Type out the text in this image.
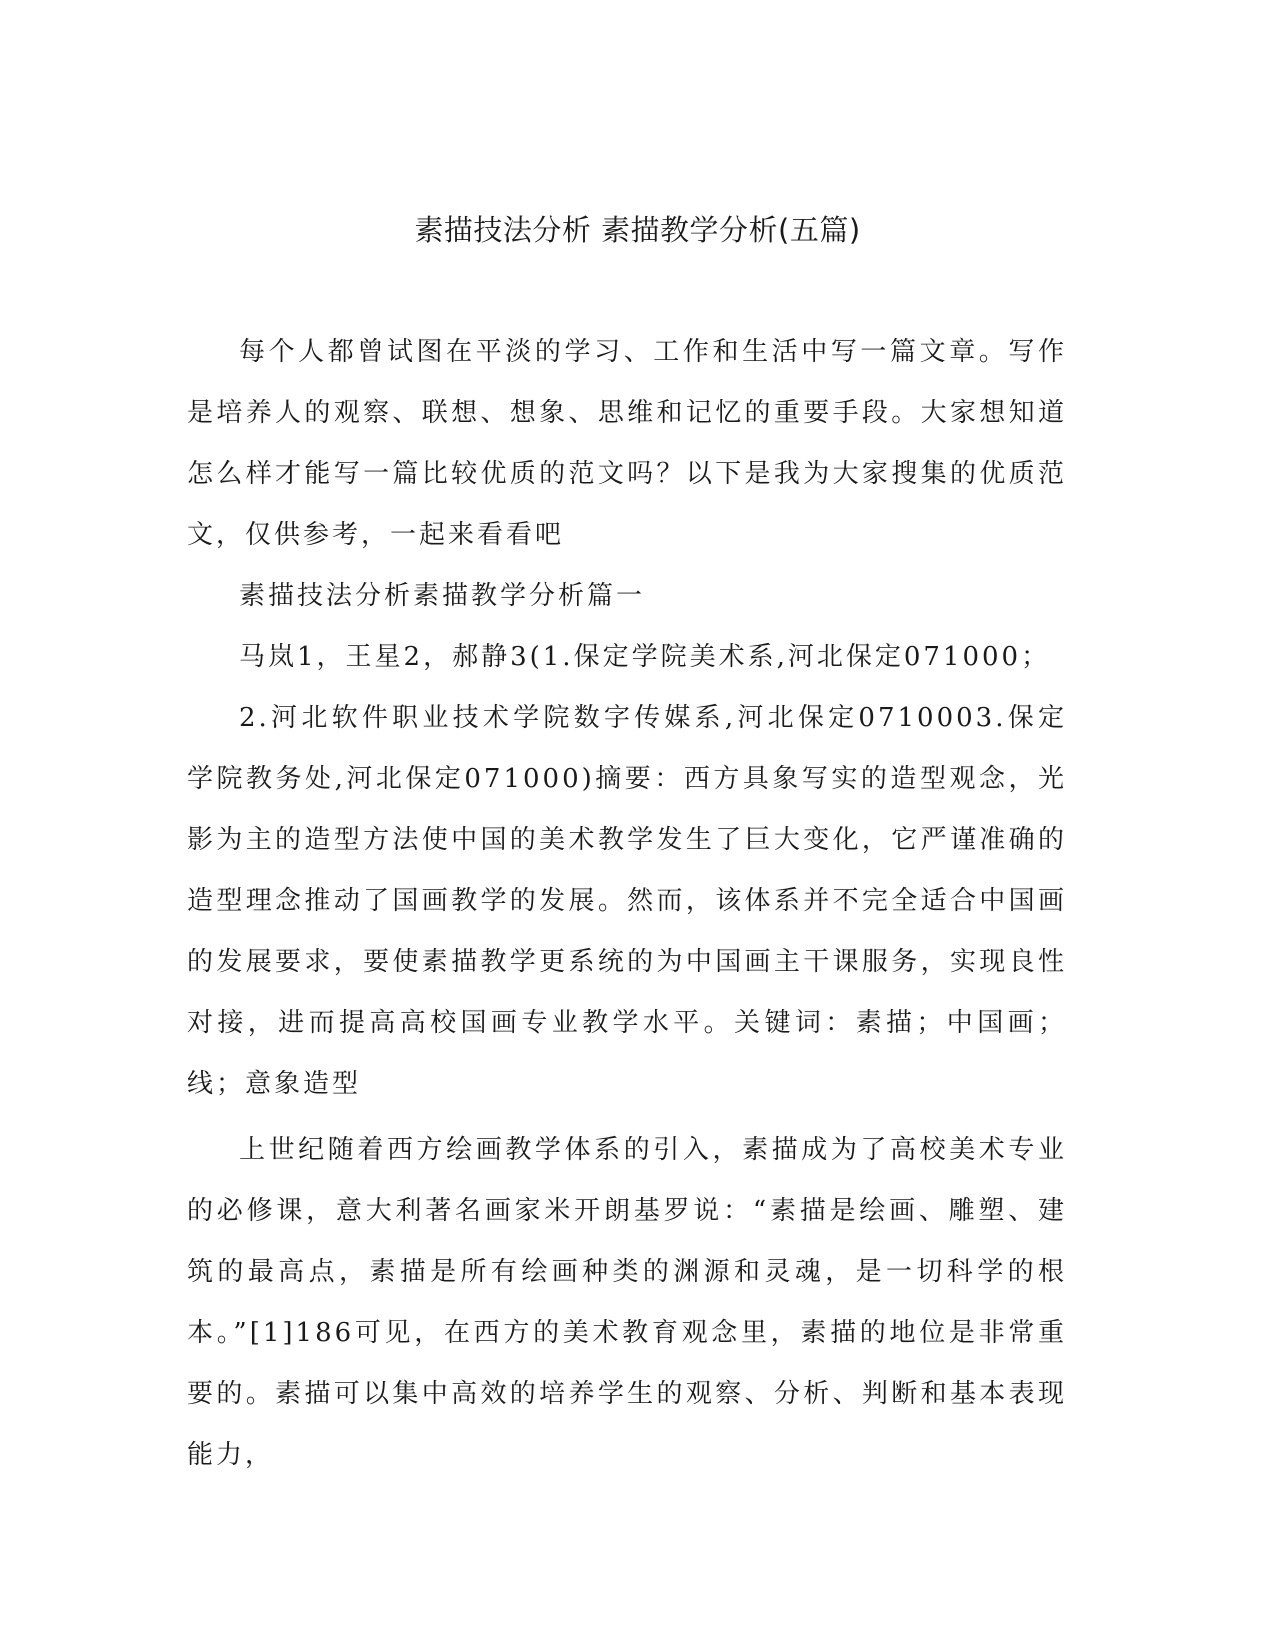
素描技法分析 素描教学分析(五篇)

每个人都曾试图在平淡的学习、工作和生活中写一篇文章。写作是培养人的观察、联想、想象、思维和记忆的重要手段。大家想知道怎么样才能写一篇比较优质的范文吗？以下是我为大家搜集的优质范文，仅供参考，一起来看看吧

素描技法分析素描教学分析篇一

马岚1，王星2，郝静3(1.保定学院美术系,河北保定071000；

2.河北软件职业技术学院数字传媒系,河北保定0710003.保定学院教务处,河北保定071000)摘要：西方具象写实的造型观念，光影为主的造型方法使中国的美术教学发生了巨大变化，它严谨准确的造型理念推动了国画教学的发展。然而，该体系并不完全适合中国画的发展要求，要使素描教学更系统的为中国画主干课服务，实现良性对接，进而提高高校国画专业教学水平。关键词：素描；中国画；线；意象造型

上世纪随着西方绘画教学体系的引入，素描成为了高校美术专业的必修课，意大利著名画家米开朗基罗说：“素描是绘画、雕塑、建筑的最高点，素描是所有绘画种类的渊源和灵魂，是一切科学的根本。”[1]186可见，在西方的美术教育观念里，素描的地位是非常重要的。素描可以集中高效的培养学生的观察、分析、判断和基本表现能力，
